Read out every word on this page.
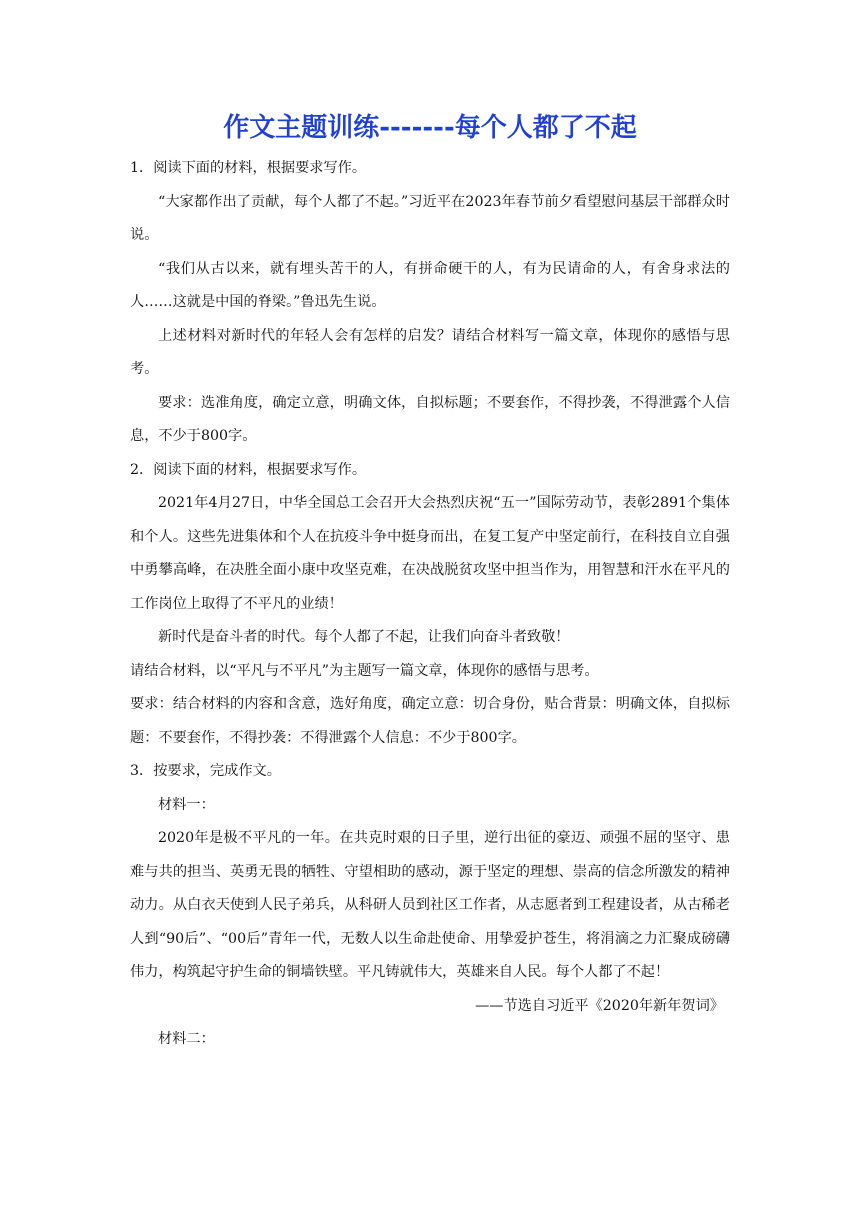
作文主题训练-------每个人都了不起

1．阅读下面的材料，根据要求写作。

“大家都作出了贡献，每个人都了不起。”习近平在2023年春节前夕看望慰问基层干部群众时说。

“我们从古以来，就有埋头苦干的人，有拼命硬干的人，有为民请命的人，有舍身求法的人……这就是中国的脊梁。”鲁迅先生说。

上述材料对新时代的年轻人会有怎样的启发？请结合材料写一篇文章，体现你的感悟与思考。

要求：选准角度，确定立意，明确文体，自拟标题；不要套作，不得抄袭，不得泄露个人信息，不少于800字。

2．阅读下面的材料，根据要求写作。

2021年4月27日，中华全国总工会召开大会热烈庆祝“五一”国际劳动节，表彰2891个集体和个人。这些先进集体和个人在抗疫斗争中挺身而出，在复工复产中坚定前行，在科技自立自强中勇攀高峰，在决胜全面小康中攻坚克难，在决战脱贫攻坚中担当作为，用智慧和汗水在平凡的工作岗位上取得了不平凡的业绩！

新时代是奋斗者的时代。每个人都了不起，让我们向奋斗者致敬！

请结合材料，以“平凡与不平凡”为主题写一篇文章，体现你的感悟与思考。

要求：结合材料的内容和含意，选好角度，确定立意：切合身份，贴合背景：明确文体，自拟标题：不要套作，不得抄袭：不得泄露个人信息：不少于800字。

3．按要求，完成作文。

材料一：

2020年是极不平凡的一年。在共克时艰的日子里，逆行出征的豪迈、顽强不屈的坚守、患难与共的担当、英勇无畏的牺牲、守望相助的感动，源于坚定的理想、崇高的信念所激发的精神动力。从白衣天使到人民子弟兵，从科研人员到社区工作者，从志愿者到工程建设者，从古稀老人到“90后”、“00后”青年一代，无数人以生命赴使命、用挚爱护苍生，将涓滴之力汇聚成磅礴伟力，构筑起守护生命的铜墙铁壁。平凡铸就伟大，英雄来自人民。每个人都了不起！

——节选自习近平《2020年新年贺词》

材料二：
